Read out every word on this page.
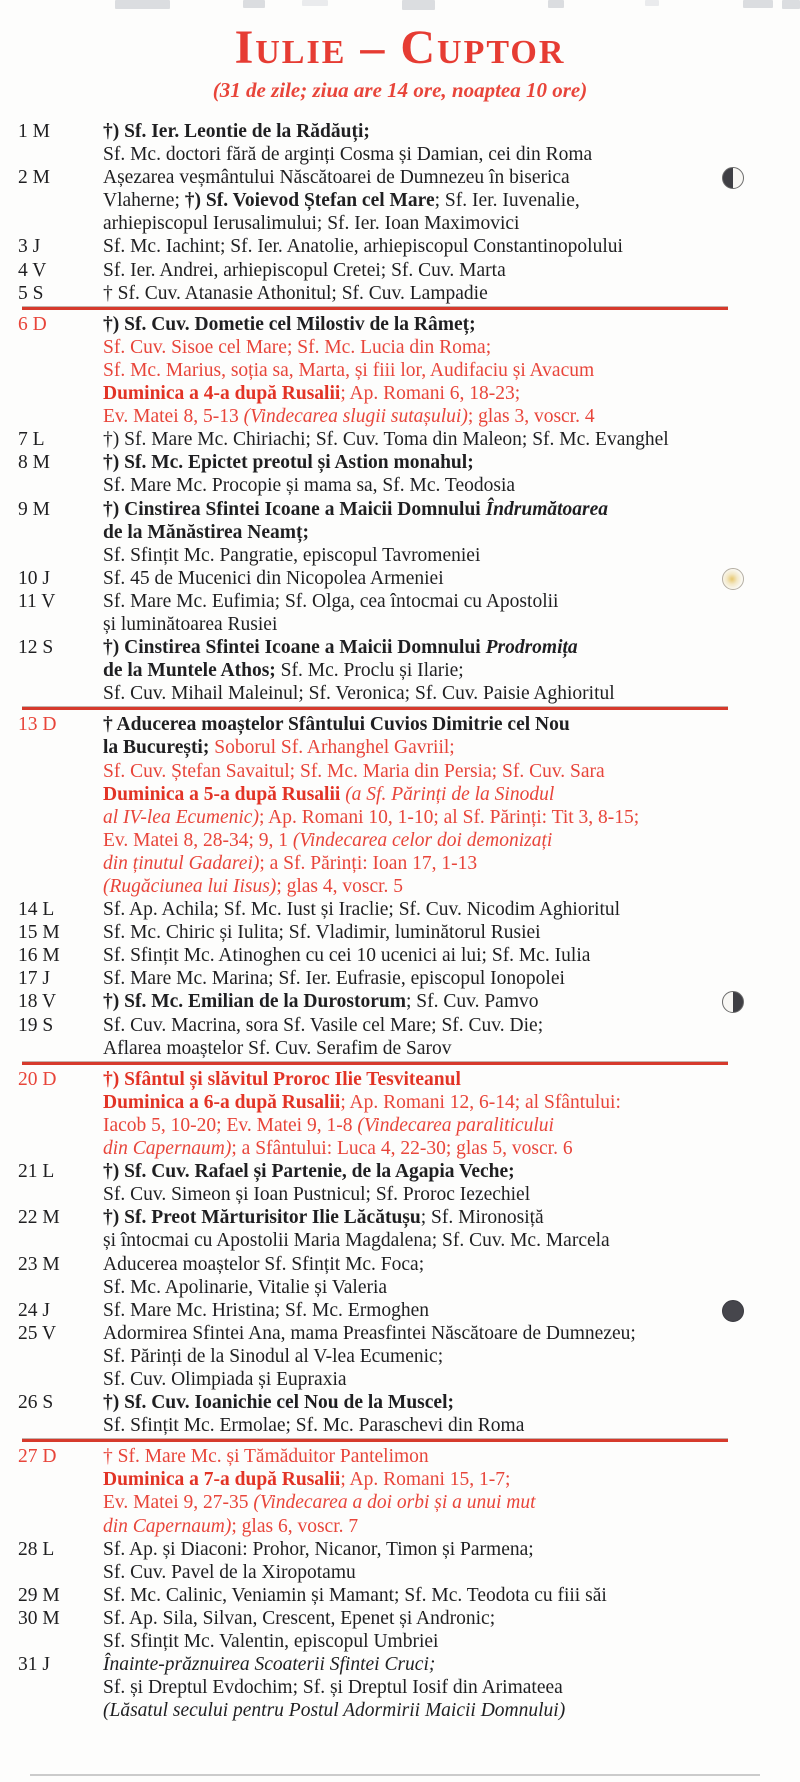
Iulie – Cuptor
(31 de zile; ziua are 14 ore, noaptea 10 ore)
1 M	†) Sf. Ier. Leontie de la Rădăuți;
Sf. Mc. doctori fără de arginți Cosma și Damian, cei din Roma
2 M	Așezarea veșmântului Născătoarei de Dumnezeu în biserica
Vlaherne; †) Sf. Voievod Ștefan cel Mare; Sf. Ier. Iuvenalie,
arhiepiscopul Ierusalimului; Sf. Ier. Ioan Maximovici
3 J	Sf. Mc. Iachint; Sf. Ier. Anatolie, arhiepiscopul Constantinopolului
4 V	Sf. Ier. Andrei, arhiepiscopul Cretei; Sf. Cuv. Marta
5 S	† Sf. Cuv. Atanasie Athonitul; Sf. Cuv. Lampadie
6 D	†) Sf. Cuv. Dometie cel Milostiv de la Râmeț;
Sf. Cuv. Sisoe cel Mare; Sf. Mc. Lucia din Roma;
Sf. Mc. Marius, soția sa, Marta, și fiii lor, Audifaciu și Avacum
Duminica a 4-a după Rusalii; Ap. Romani 6, 18-23;
Ev. Matei 8, 5-13 (Vindecarea slugii sutașului); glas 3, voscr. 4
7 L	†) Sf. Mare Mc. Chiriachi; Sf. Cuv. Toma din Maleon; Sf. Mc. Evanghel
8 M	†) Sf. Mc. Epictet preotul și Astion monahul;
Sf. Mare Mc. Procopie și mama sa, Sf. Mc. Teodosia
9 M	†) Cinstirea Sfintei Icoane a Maicii Domnului Îndrumătoarea
de la Mănăstirea Neamț;
Sf. Sfințit Mc. Pangratie, episcopul Tavromeniei
10 J	Sf. 45 de Mucenici din Nicopolea Armeniei
11 V	Sf. Mare Mc. Eufimia; Sf. Olga, cea întocmai cu Apostolii
și luminătoarea Rusiei
12 S	†) Cinstirea Sfintei Icoane a Maicii Domnului Prodromița
de la Muntele Athos; Sf. Mc. Proclu și Ilarie;
Sf. Cuv. Mihail Maleinul; Sf. Veronica; Sf. Cuv. Paisie Aghioritul
13 D	† Aducerea moaștelor Sfântului Cuvios Dimitrie cel Nou
la București; Soborul Sf. Arhanghel Gavriil;
Sf. Cuv. Ștefan Savaitul; Sf. Mc. Maria din Persia; Sf. Cuv. Sara
Duminica a 5-a după Rusalii (a Sf. Părinți de la Sinodul
al IV-lea Ecumenic); Ap. Romani 10, 1-10; al Sf. Părinți: Tit 3, 8-15;
Ev. Matei 8, 28-34; 9, 1 (Vindecarea celor doi demonizați
din ținutul Gadarei); a Sf. Părinți: Ioan 17, 1-13
(Rugăciunea lui Iisus); glas 4, voscr. 5
14 L	Sf. Ap. Achila; Sf. Mc. Iust și Iraclie; Sf. Cuv. Nicodim Aghioritul
15 M	Sf. Mc. Chiric și Iulita; Sf. Vladimir, luminătorul Rusiei
16 M	Sf. Sfințit Mc. Atinoghen cu cei 10 ucenici ai lui; Sf. Mc. Iulia
17 J	Sf. Mare Mc. Marina; Sf. Ier. Eufrasie, episcopul Ionopolei
18 V	†) Sf. Mc. Emilian de la Durostorum; Sf. Cuv. Pamvo
19 S	Sf. Cuv. Macrina, sora Sf. Vasile cel Mare; Sf. Cuv. Die;
Aflarea moaștelor Sf. Cuv. Serafim de Sarov
20 D	†) Sfântul și slăvitul Proroc Ilie Tesviteanul
Duminica a 6-a după Rusalii; Ap. Romani 12, 6-14; al Sfântului:
Iacob 5, 10-20; Ev. Matei 9, 1-8 (Vindecarea paraliticului
din Capernaum); a Sfântului: Luca 4, 22-30; glas 5, voscr. 6
21 L	†) Sf. Cuv. Rafael și Partenie, de la Agapia Veche;
Sf. Cuv. Simeon și Ioan Pustnicul; Sf. Proroc Iezechiel
22 M	†) Sf. Preot Mărturisitor Ilie Lăcătușu; Sf. Mironosiță
și întocmai cu Apostolii Maria Magdalena; Sf. Cuv. Mc. Marcela
23 M	Aducerea moaștelor Sf. Sfințit Mc. Foca;
Sf. Mc. Apolinarie, Vitalie și Valeria
24 J	Sf. Mare Mc. Hristina; Sf. Mc. Ermoghen
25 V	Adormirea Sfintei Ana, mama Preasfintei Născătoare de Dumnezeu;
Sf. Părinți de la Sinodul al V-lea Ecumenic;
Sf. Cuv. Olimpiada și Eupraxia
26 S	†) Sf. Cuv. Ioanichie cel Nou de la Muscel;
Sf. Sfințit Mc. Ermolae; Sf. Mc. Paraschevi din Roma
27 D	† Sf. Mare Mc. și Tămăduitor Pantelimon
Duminica a 7-a după Rusalii; Ap. Romani 15, 1-7;
Ev. Matei 9, 27-35 (Vindecarea a doi orbi și a unui mut
din Capernaum); glas 6, voscr. 7
28 L	Sf. Ap. și Diaconi: Prohor, Nicanor, Timon și Parmena;
Sf. Cuv. Pavel de la Xiropotamu
29 M	Sf. Mc. Calinic, Veniamin și Mamant; Sf. Mc. Teodota cu fiii săi
30 M	Sf. Ap. Sila, Silvan, Crescent, Epenet și Andronic;
Sf. Sfințit Mc. Valentin, episcopul Umbriei
31 J	Înainte-prăznuirea Scoaterii Sfintei Cruci;
Sf. și Dreptul Evdochim; Sf. și Dreptul Iosif din Arimateea
(Lăsatul secului pentru Postul Adormirii Maicii Domnului)
